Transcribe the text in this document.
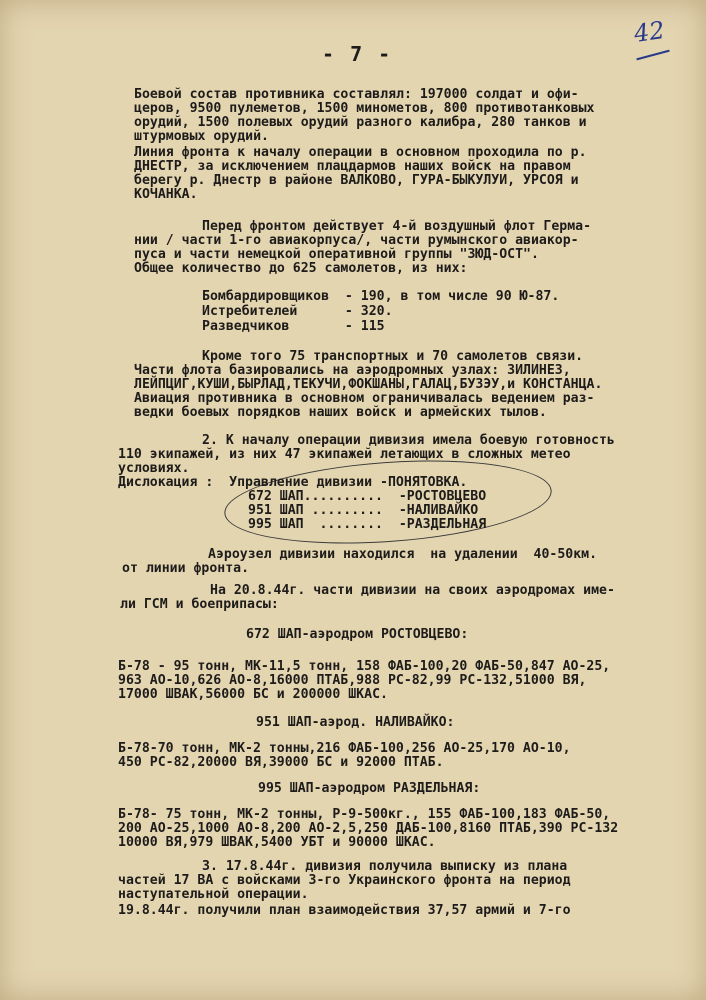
- 7 -
42
Боевой состав противника составлял: 197000 солдат и офи-
церов, 9500 пулеметов, 1500 минометов, 800 противотанковых
орудий, 1500 полевых орудий разного калибра, 280 танков и
штурмовых орудий.
Линия фронта к началу операции в основном проходила по р.
ДНЕСТР, за исключением плацдармов наших войск на правом
берегу р. Днестр в районе ВАЛКОВО, ГУРА-БЫКУЛУИ, УРСОЯ и
КОЧАНКА.
Перед фронтом действует 4-й воздушный флот Герма-
нии / части 1-го авиакорпуса/, части румынского авиакор-
пуса и части немецкой оперативной группы "ЗЮД-ОСТ".
Общее количество до 625 самолетов, из них:
Бомбардировщиков  - 190, в том числе 90 Ю-87.
Истребителей      - 320.
Разведчиков       - 115
Кроме того 75 транспортных и 70 самолетов связи.
Части флота базировались на аэродромных узлах: ЗИЛИНЕЗ,
ЛЕЙПЦИГ,КУШИ,БЫРЛАД,ТЕКУЧИ,ФОКШАНЫ,ГАЛАЦ,БУЗЭУ,и КОНСТАНЦА.
Авиация противника в основном ограничивалась ведением раз-
ведки боевых порядков наших войск и армейских тылов.
2. К началу операции дивизия имела боевую готовность
110 экипажей, из них 47 экипажей летающих в сложных метео
условиях.
Дислокация :  Управление дивизии -ПОНЯТОВКА.
672 ШАП..........  -РОСТОВЦЕВО
951 ШАП .........  -НАЛИВАЙКО
995 ШАП  ........  -РАЗДЕЛЬНАЯ
Аэроузел дивизии находился  на удалении  40-50км.
от линии фронта.
На 20.8.44г. части дивизии на своих аэродромах име-
ли ГСМ и боеприпасы:
672 ШАП-аэродром РОСТОВЦЕВО:
Б-78 - 95 тонн, МК-11,5 тонн, 158 ФАБ-100,20 ФАБ-50,847 АО-25,
963 АО-10,626 АО-8,16000 ПТАБ,988 РС-82,99 РС-132,51000 ВЯ,
17000 ШВАК,56000 БС и 200000 ШКАС.
951 ШАП-аэрод. НАЛИВАЙКО:
Б-78-70 тонн, МК-2 тонны,216 ФАБ-100,256 АО-25,170 АО-10,
450 РС-82,20000 ВЯ,39000 БС и 92000 ПТАБ.
995 ШАП-аэродром РАЗДЕЛЬНАЯ:
Б-78- 75 тонн, МК-2 тонны, Р-9-500кг., 155 ФАБ-100,183 ФАБ-50,
200 АО-25,1000 АО-8,200 АО-2,5,250 ДАБ-100,8160 ПТАБ,390 РС-132
10000 ВЯ,979 ШВАК,5400 УБТ и 90000 ШКАС.
3. 17.8.44г. дивизия получила выписку из плана
частей 17 ВА с войсками 3-го Украинского фронта на период
наступательной операции.
19.8.44г. получили план взаимодействия 37,57 армий и 7-го
